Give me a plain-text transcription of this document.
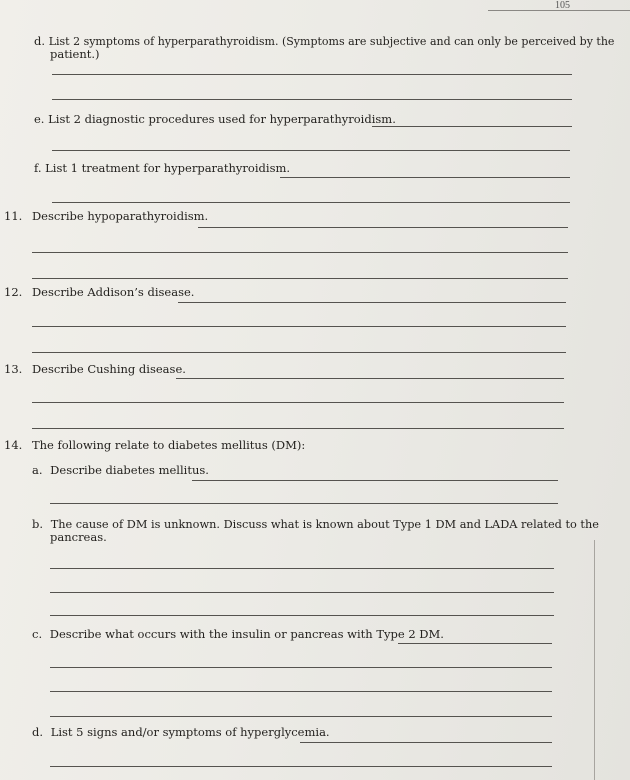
105
d. List 2 symptoms of hyperparathyroidism. (Symptoms are subjective and can only be perceived by the
patient.)
e. List 2 diagnostic procedures used for hyperparathyroidism.
f. List 1 treatment for hyperparathyroidism.
11. Describe hypoparathyroidism.
12. Describe Addison’s disease.
13. Describe Cushing disease.
14. The following relate to diabetes mellitus (DM):
a. Describe diabetes mellitus.
b. The cause of DM is unknown. Discuss what is known about Type 1 DM and LADA related to the
pancreas.
c. Describe what occurs with the insulin or pancreas with Type 2 DM.
d. List 5 signs and/or symptoms of hyperglycemia.
